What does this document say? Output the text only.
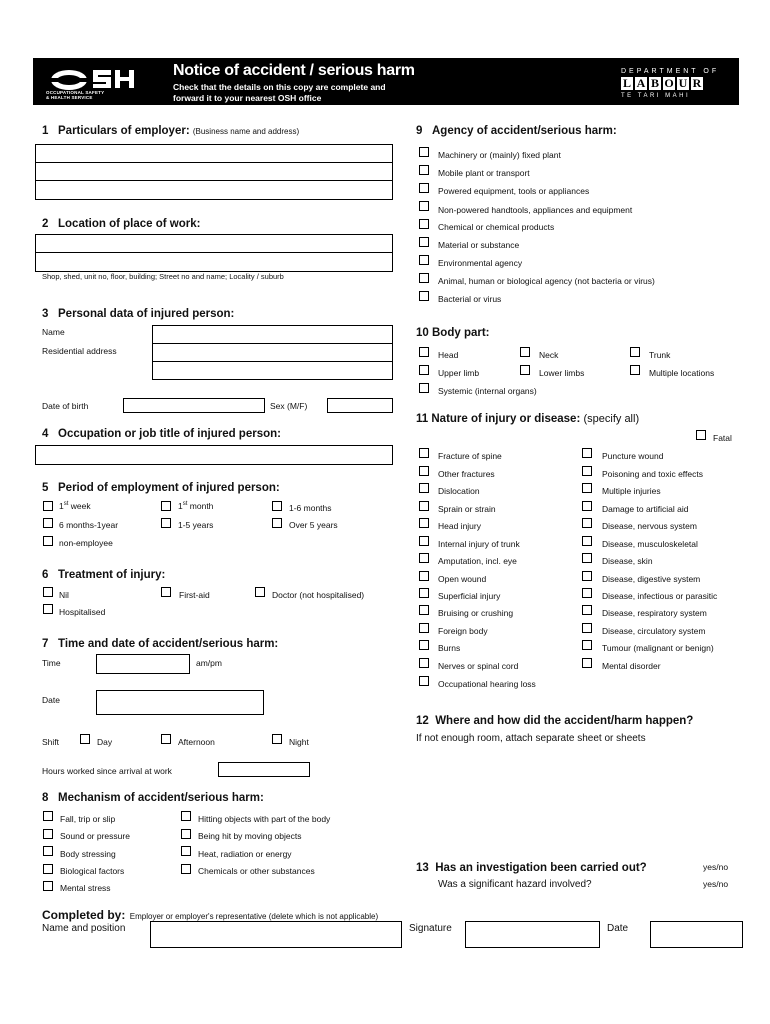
OCCUPATIONAL SAFETY
& HEALTH SERVICE
Notice of accident / serious harm
Check that the details on this copy are complete and
forward it to your nearest OSH office
DEPARTMENT OF
L A B O U R
TE TARI MAHI
1 Particulars of employer: (Business name and address)
2 Location of place of work:
Shop, shed, unit no, floor, building; Street no and name; Locality / suburb
3 Personal data of injured person:
Name
Residential address
Date of birth	Sex (M/F)
4 Occupation or job title of injured person:
5 Period of employment of injured person:
1st week	1st month	1-6 months
6 months-1year	1-5 years	Over 5 years
non-employee
6 Treatment of injury:
Nil	First-aid	Doctor (not hospitalised)
Hospitalised
7 Time and date of accident/serious harm:
Time	am/pm
Date
Shift	Day	Afternoon	Night
Hours worked since arrival at work
8 Mechanism of accident/serious harm:
Fall, trip or slip
Sound or pressure
Body stressing
Biological factors
Mental stress
Hitting objects with part of the body
Being hit by moving objects
Heat, radiation or energy
Chemicals or other substances
Completed by: Employer or employer's representative (delete which is not applicable)
Name and position	Signature	Date
9 Agency of accident/serious harm:
Machinery or (mainly) fixed plant
Mobile plant or transport
Powered equipment, tools or appliances
Non-powered handtools, appliances and equipment
Chemical or chemical products
Material or substance
Environmental agency
Animal, human or biological agency (not bacteria or virus)
Bacterial or virus
10 Body part:
Head	Neck	Trunk
Upper limb	Lower limbs	Multiple locations
Systemic (internal organs)
11 Nature of injury or disease: (specify all)
Fatal
Fracture of spine
Other fractures
Dislocation
Sprain or strain
Head injury
Internal injury of trunk
Amputation, incl. eye
Open wound
Superficial injury
Bruising or crushing
Foreign body
Burns
Nerves or spinal cord
Occupational hearing loss
Puncture wound
Poisoning and toxic effects
Multiple injuries
Damage to artificial aid
Disease, nervous system
Disease, musculoskeletal
Disease, skin
Disease, digestive system
Disease, infectious or parasitic
Disease, respiratory system
Disease, circulatory system
Tumour (malignant or benign)
Mental disorder
12 Where and how did the accident/harm happen?
If not enough room, attach separate sheet or sheets
13 Has an investigation been carried out?	yes/no
Was a significant hazard involved?	yes/no
